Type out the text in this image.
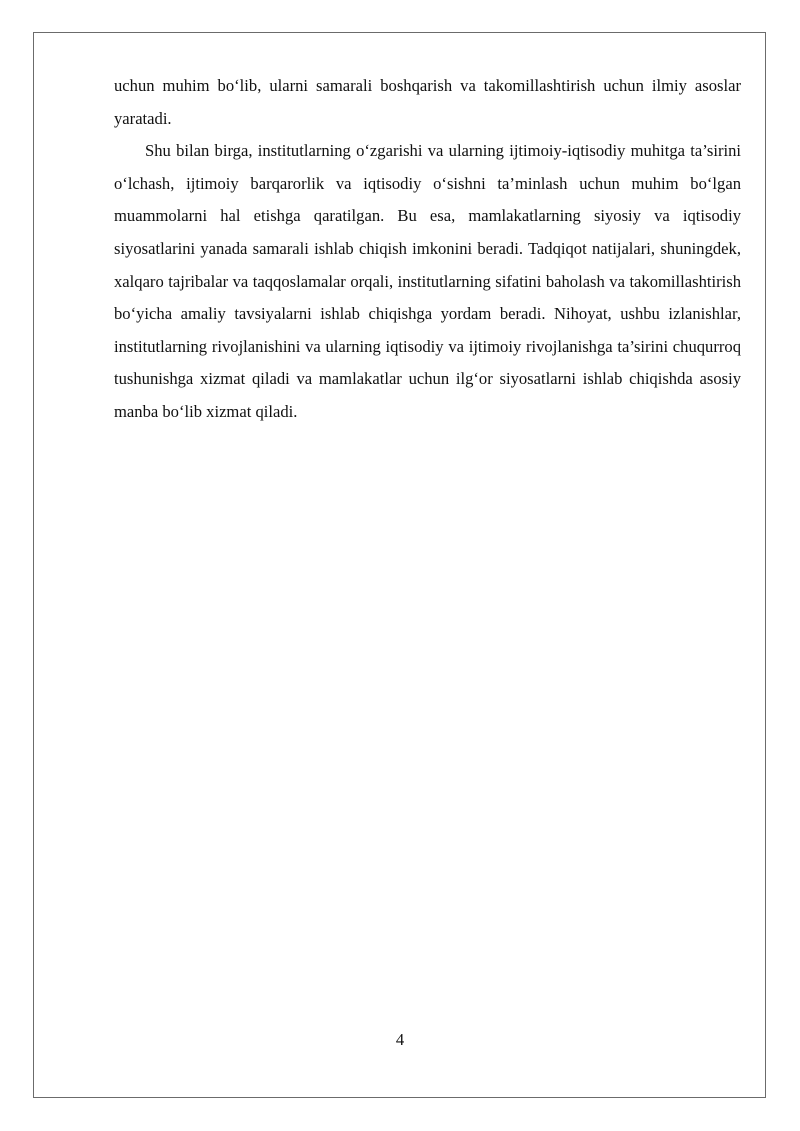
uchun muhim bo‘lib, ularni samarali boshqarish va takomillashtirish uchun ilmiy asoslar yaratadi.

Shu bilan birga, institutlarning o‘zgarishi va ularning ijtimoiy-iqtisodiy muhitga ta’sirini o‘lchash, ijtimoiy barqarorlik va iqtisodiy o‘sishni ta’minlash uchun muhim bo‘lgan muammolarni hal etishga qaratilgan. Bu esa, mamlakatlarning siyosiy va iqtisodiy siyosatlarini yanada samarali ishlab chiqish imkonini beradi. Tadqiqot natijalari, shuningdek, xalqaro tajribalar va taqqoslamalar orqali, institutlarning sifatini baholash va takomillashtirish bo‘yicha amaliy tavsiyalarni ishlab chiqishga yordam beradi. Nihoyat, ushbu izlanishlar, institutlarning rivojlanishini va ularning iqtisodiy va ijtimoiy rivojlanishga ta’sirini chuqurroq tushunishga xizmat qiladi va mamlakatlar uchun ilg‘or siyosatlarni ishlab chiqishda asosiy manba bo‘lib xizmat qiladi.

4
